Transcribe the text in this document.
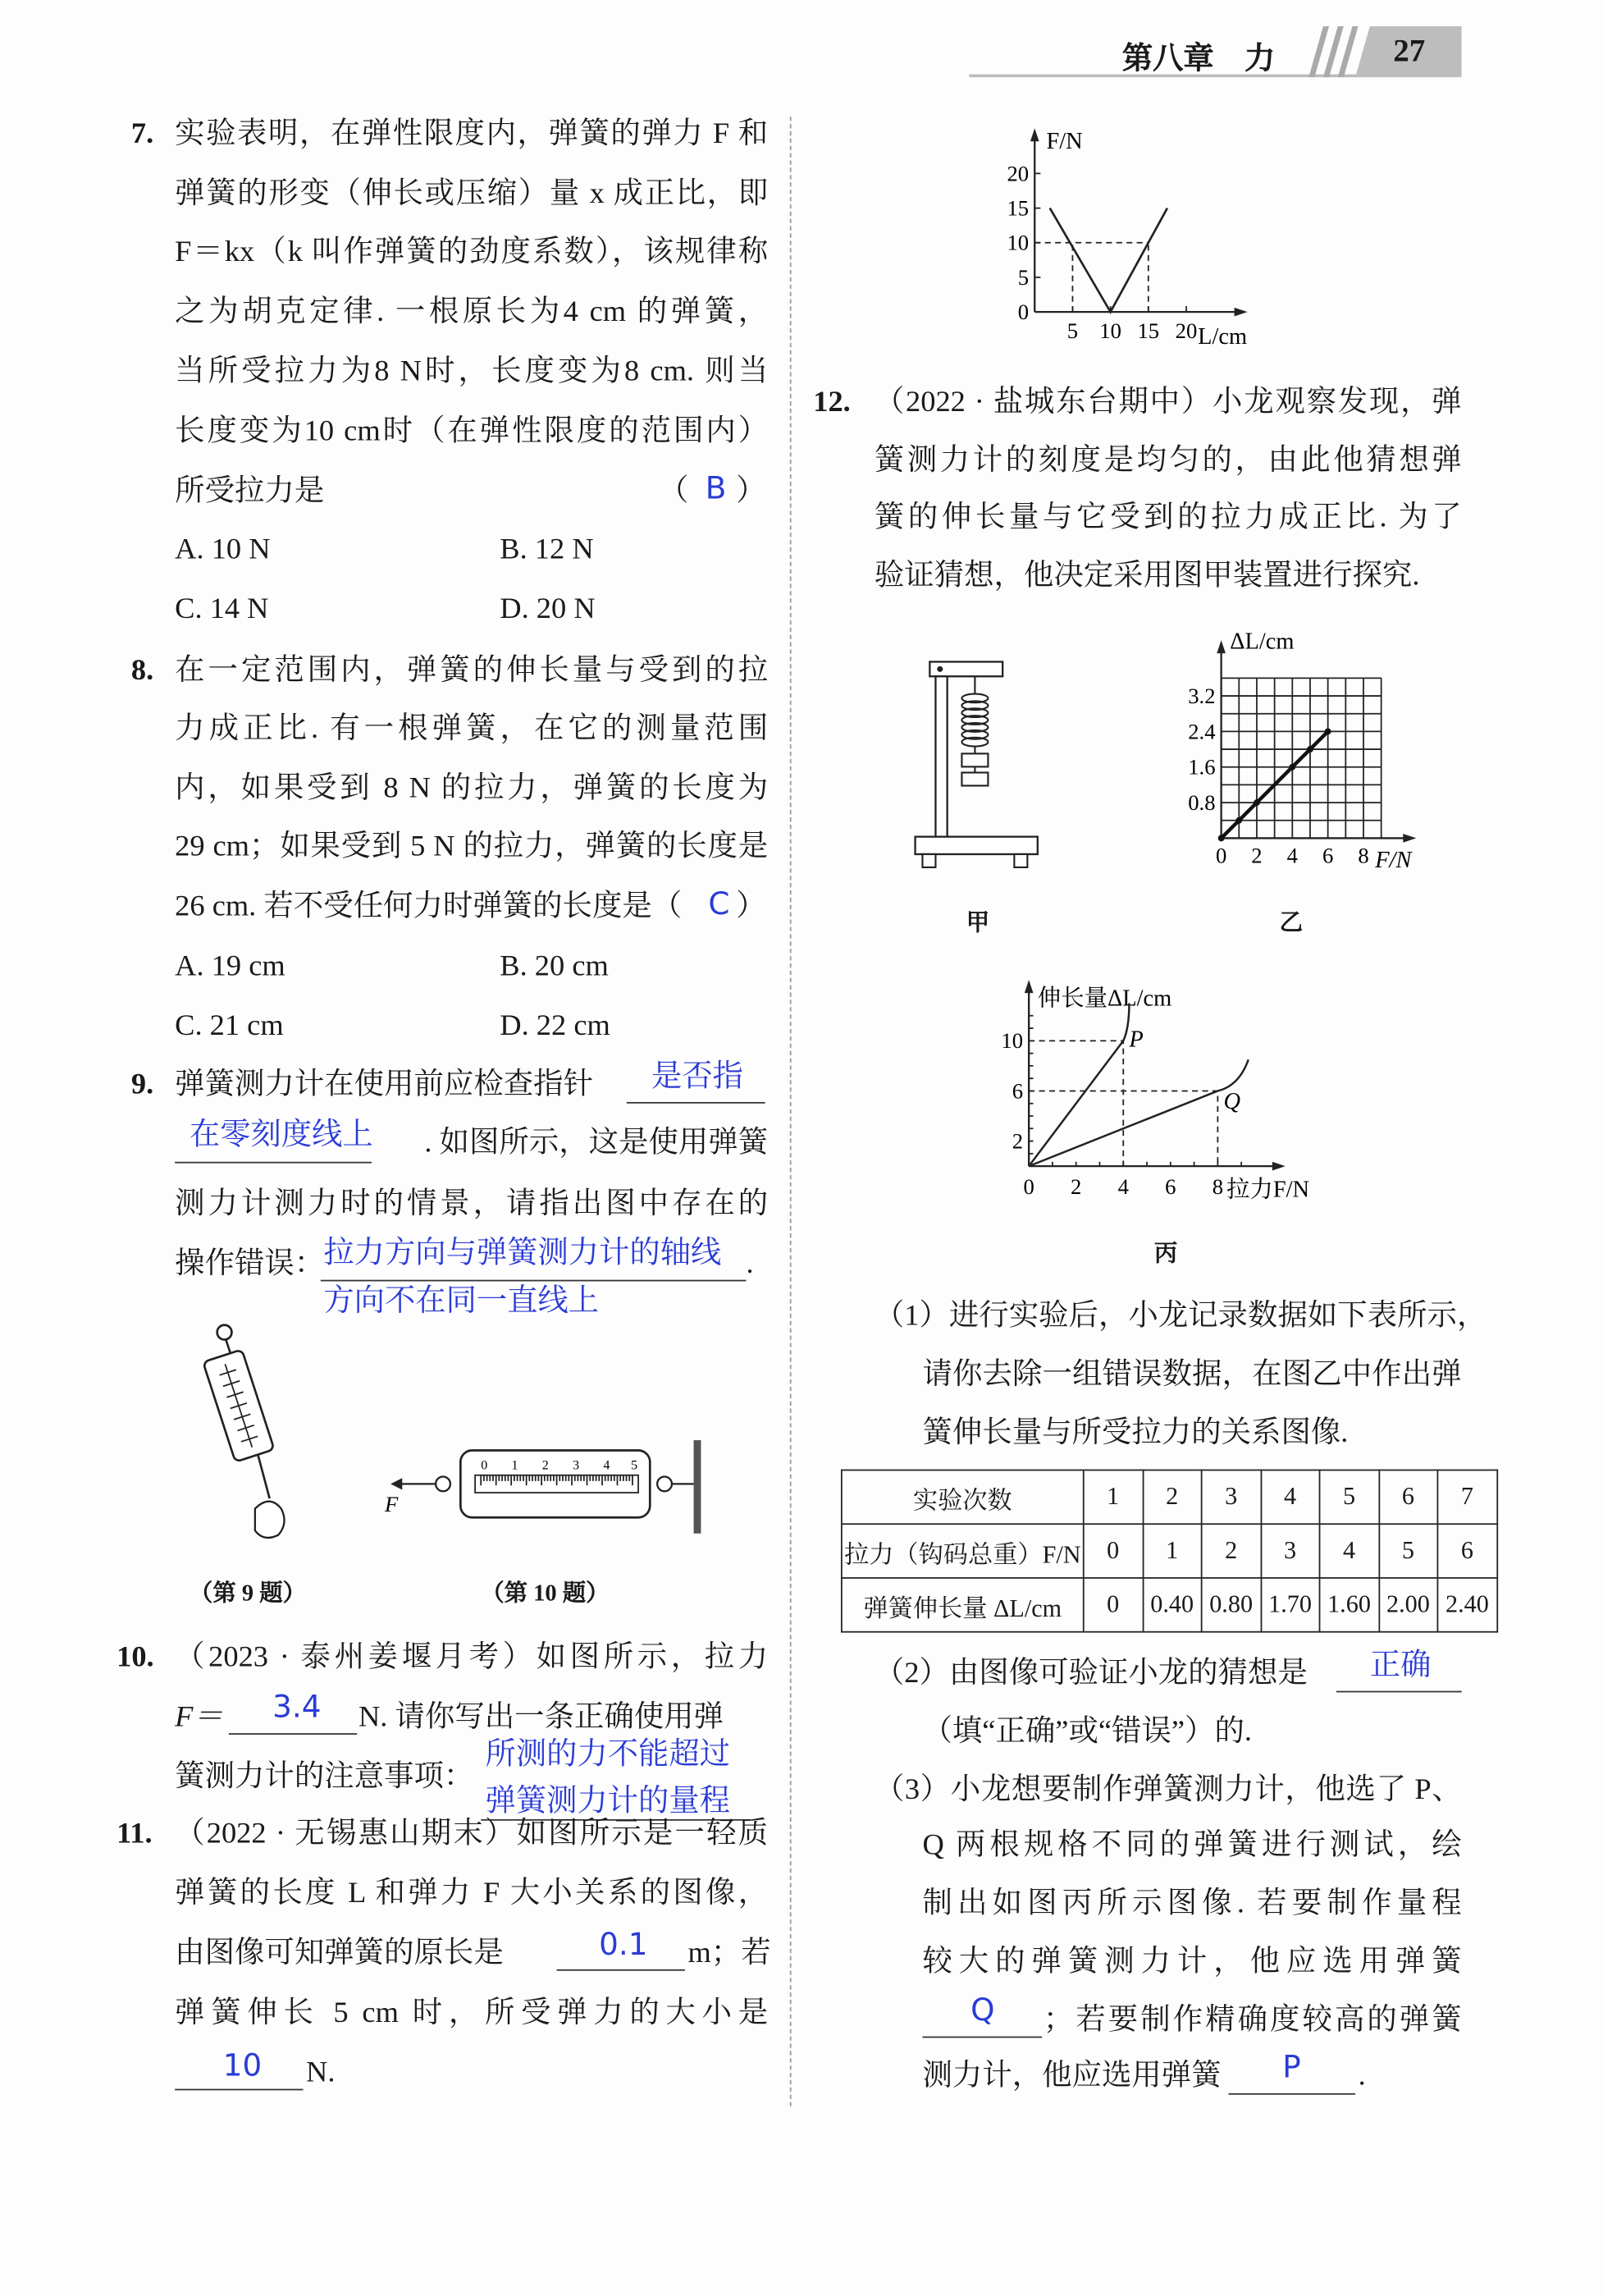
第八章　力	27
7. 实验表明，在弹性限度内，弹簧的弹力 F 和
弹簧的形变（伸长或压缩）量 x 成正比，即
F＝kx（k 叫作弹簧的劲度系数），该规律称
之为胡克定律. 一根原长为4 cm 的弹簧，
当所受拉力为8 N时，长度变为8 cm. 则当
长度变为10 cm时（在弹性限度的范围内）
所受拉力是	（ B ）
A. 10 N	B. 12 N
C. 14 N	D. 20 N
8. 在一定范围内，弹簧的伸长量与受到的拉
力成正比. 有一根弹簧，在它的测量范围
内，如果受到 8 N 的拉力，弹簧的长度为
29 cm；如果受到 5 N 的拉力，弹簧的长度是
26 cm. 若不受任何力时弹簧的长度是（	C ）
A. 19 cm	B. 20 cm
C. 21 cm	D. 22 cm
9. 弹簧测力计在使用前应检查指针	是否指
在零刻度线上	. 如图所示，这是使用弹簧
测力计测力时的情景，请指出图中存在的
操作错误： 拉力方向与弹簧测力计的轴线 .
方向不在同一直线上
F
0	1	2	3	4	5
（第 9 题）	（第 10 题）
10. （2023 · 泰州姜堰月考）如图所示，拉力
F＝	3.4 N. 请你写出一条正确使用弹
簧测力计的注意事项：
所测的力不能超过
弹簧测力计的量程
11. （2022 · 无锡惠山期末）如图所示是一轻质
弹簧的长度 L 和弹力 F 大小关系的图像，
由图像可知弹簧的原长是	0.1 m；若
弹簧伸长 5 cm 时，所受弹力的大小是
10	N.
F/N
L/cm
0
5
10
15
20
5 10 15 20
12. （2022 · 盐城东台期中）小龙观察发现，弹
簧测力计的刻度是均匀的，由此他猜想弹
簧的伸长量与它受到的拉力成正比. 为了
验证猜想，他决定采用图甲装置进行探究.
甲
ΔL/cm
F/N
0.8
1.6
2.4
3.2
0 2 4 6 8
乙
伸长量ΔL/cm
拉力F/N
2
6
10
0	2	4	6	8
P
Q
丙
（1）进行实验后，小龙记录数据如下表所示，
请你去除一组错误数据，在图乙中作出弹
簧伸长量与所受拉力的关系图像.
实验次数	1	2	3	4	5	6	7
拉力（钩码总重）F/N	0	1	2	3	4	5	6
弹簧伸长量 ΔL/cm	0	0.40	0.80	1.70	1.60	2.00	2.40
（2）由图像可验证小龙的猜想是	正确
（填“正确”或“错误”）的.
（3）小龙想要制作弹簧测力计，他选了 P、
Q 两根规格不同的弹簧进行测试，绘
制出如图丙所示图像. 若要制作量程
较大的弹簧测力计，他应选用弹簧
Q	；若要制作精确度较高的弹簧
测力计，他应选用弹簧	P	.
